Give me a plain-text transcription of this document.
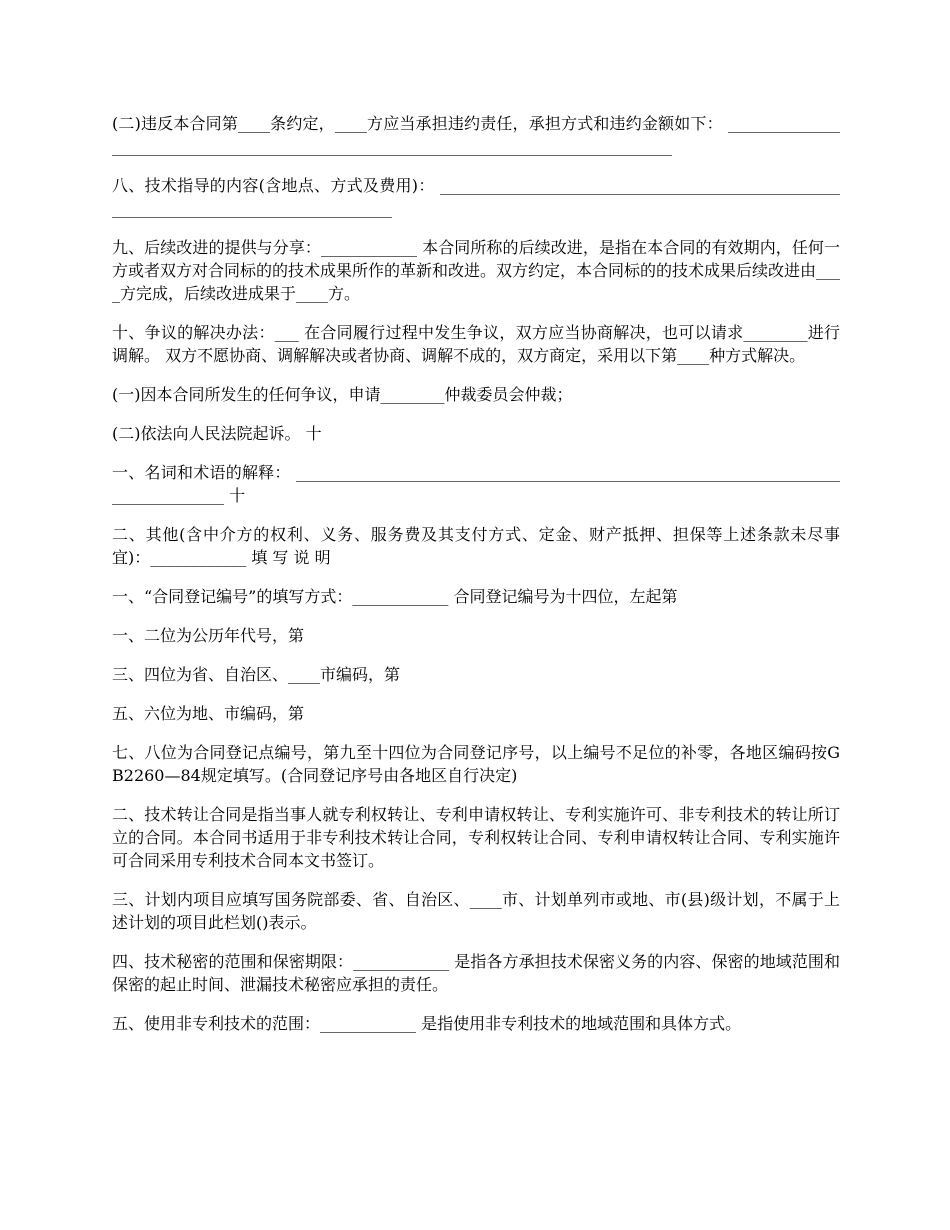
(二)违反本合同第____条约定，____方应当承担违约责任，承担方式和违约金额如下： ____________________________________________________________________________________

八、技术指导的内容(含地点、方式及费用)： _____________________________________________________________________________________

九、后续改进的提供与分享：____________ 本合同所称的后续改进，是指在本合同的有效期内，任何一方或者双方对合同标的的技术成果所作的革新和改进。双方约定，本合同标的的技术成果后续改进由____方完成，后续改进成果于____方。

十、争议的解决办法：___ 在合同履行过程中发生争议，双方应当协商解决，也可以请求________进行调解。 双方不愿协商、调解解决或者协商、调解不成的，双方商定，采用以下第____种方式解决。

(一)因本合同所发生的任何争议，申请________仲裁委员会仲裁；

(二)依法向人民法院起诉。 十

一、名词和术语的解释： __________________________________________________________________________________ 十

二、其他(含中介方的权利、义务、服务费及其支付方式、定金、财产抵押、担保等上述条款未尽事宜)：____________ 填 写 说 明

一、“合同登记编号”的填写方式：____________ 合同登记编号为十四位，左起第

一、二位为公历年代号，第

三、四位为省、自治区、____市编码，第

五、六位为地、市编码，第

七、八位为合同登记点编号，第九至十四位为合同登记序号，以上编号不足位的补零，各地区编码按GB2260—84规定填写。(合同登记序号由各地区自行决定)

二、技术转让合同是指当事人就专利权转让、专利申请权转让、专利实施许可、非专利技术的转让所订立的合同。本合同书适用于非专利技术转让合同，专利权转让合同、专利申请权转让合同、专利实施许可合同采用专利技术合同本文书签订。

三、计划内项目应填写国务院部委、省、自治区、____市、计划单列市或地、市(县)级计划，不属于上述计划的项目此栏划()表示。

四、技术秘密的范围和保密期限：____________ 是指各方承担技术保密义务的内容、保密的地域范围和保密的起止时间、泄漏技术秘密应承担的责任。

五、使用非专利技术的范围：____________ 是指使用非专利技术的地域范围和具体方式。
